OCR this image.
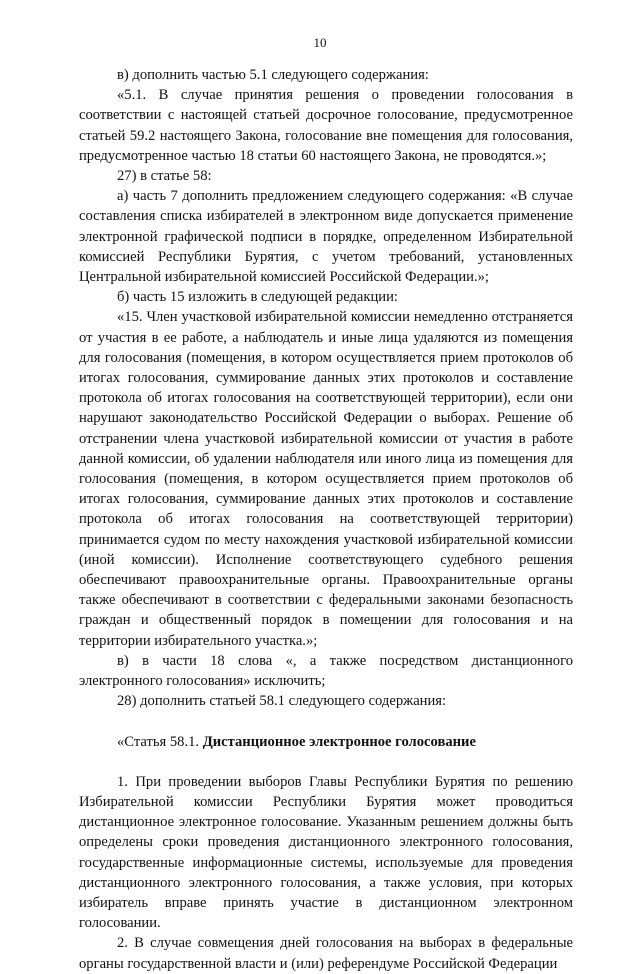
10

в) дополнить частью 5.1 следующего содержания:

«5.1. В случае принятия решения о проведении голосования в соответствии с настоящей статьей досрочное голосование, предусмотренное статьей 59.2 настоящего Закона, голосование вне помещения для голосования, предусмотренное частью 18 статьи 60 настоящего Закона, не проводятся.»;

27) в статье 58:

а) часть 7 дополнить предложением следующего содержания: «В случае составления списка избирателей в электронном виде допускается применение электронной графической подписи в порядке, определенном Избирательной комиссией Республики Бурятия, с учетом требований, установленных Центральной избирательной комиссией Российской Федерации.»;

б) часть 15 изложить в следующей редакции:

«15. Член участковой избирательной комиссии немедленно отстраняется от участия в ее работе, а наблюдатель и иные лица удаляются из помещения для голосования (помещения, в котором осуществляется прием протоколов об итогах голосования, суммирование данных этих протоколов и составление протокола об итогах голосования на соответствующей территории), если они нарушают законодательство Российской Федерации о выборах. Решение об отстранении члена участковой избирательной комиссии от участия в работе данной комиссии, об удалении наблюдателя или иного лица из помещения для голосования (помещения, в котором осуществляется прием протоколов об итогах голосования, суммирование данных этих протоколов и составление протокола об итогах голосования на соответствующей территории) принимается судом по месту нахождения участковой избирательной комиссии (иной комиссии). Исполнение соответствующего судебного решения обеспечивают правоохранительные органы. Правоохранительные органы также обеспечивают в соответствии с федеральными законами безопасность граждан и общественный порядок в помещении для голосования и на территории избирательного участка.»;

в) в части 18 слова «, а также посредством дистанционного электронного голосования» исключить;

28) дополнить статьей 58.1 следующего содержания:

«Статья 58.1. Дистанционное электронное голосование

1. При проведении выборов Главы Республики Бурятия по решению Избирательной комиссии Республики Бурятия может проводиться дистанционное электронное голосование. Указанным решением должны быть определены сроки проведения дистанционного электронного голосования, государственные информационные системы, используемые для проведения дистанционного электронного голосования, а также условия, при которых избиратель вправе принять участие в дистанционном электронном голосовании.

2. В случае совмещения дней голосования на выборах в федеральные органы государственной власти и (или) референдуме Российской Федерации
